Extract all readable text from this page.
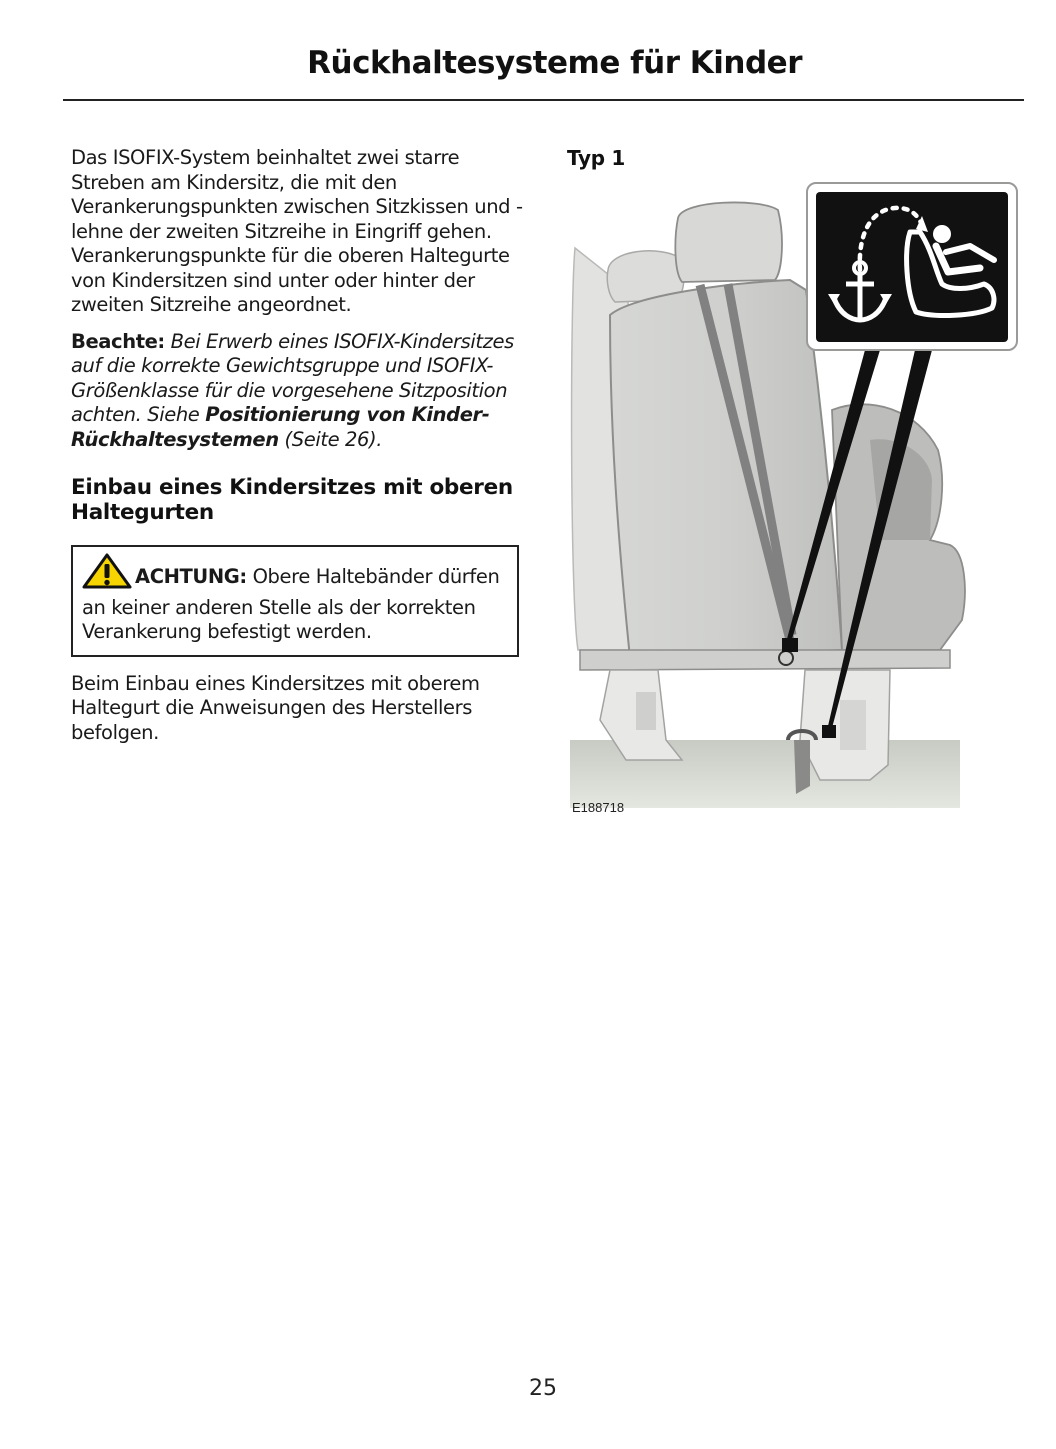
Rückhaltesysteme für Kinder

Das ISOFIX-System beinhaltet zwei starre Streben am Kindersitz, die mit den Verankerungspunkten zwischen Sitzkissen und -lehne der zweiten Sitzreihe in Eingriff gehen. Verankerungspunkte für die oberen Haltegurte von Kindersitzen sind unter oder hinter der zweiten Sitzreihe angeordnet.

Beachte: Bei Erwerb eines ISOFIX-Kindersitzes auf die korrekte Gewichtsgruppe und ISOFIX-Größenklasse für die vorgesehene Sitzposition achten. Siehe Positionierung von Kinder-Rückhaltesystemen (Seite 26).

Einbau eines Kindersitzes mit oberen Haltegurten
ACHTUNG: Obere Haltebänder dürfen an keiner anderen Stelle als der korrekten Verankerung befestigt werden.

Beim Einbau eines Kindersitzes mit oberem Haltegurt die Anweisungen des Herstellers befolgen.

Typ 1
E188718
25
